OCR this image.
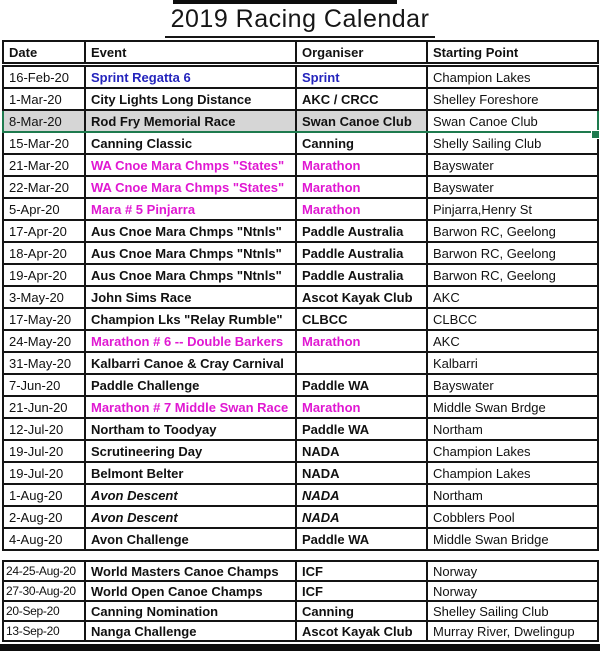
2019 Racing Calendar
Date	Event	Organiser	Starting Point
16-Feb-20	Sprint Regatta 6	Sprint	Champion Lakes
1-Mar-20	City Lights Long Distance	AKC / CRCC	Shelley Foreshore
8-Mar-20	Rod Fry Memorial Race	Swan Canoe Club	Swan Canoe Club
15-Mar-20	Canning Classic	Canning	Shelly Sailing Club
21-Mar-20	WA Cnoe Mara Chmps "States"	Marathon	Bayswater
22-Mar-20	WA Cnoe Mara Chmps "States"	Marathon	Bayswater
5-Apr-20	Mara # 5 Pinjarra	Marathon	Pinjarra,Henry St
17-Apr-20	Aus Cnoe Mara Chmps "Ntnls"	Paddle Australia	Barwon RC, Geelong
18-Apr-20	Aus Cnoe Mara Chmps "Ntnls"	Paddle Australia	Barwon RC, Geelong
19-Apr-20	Aus Cnoe Mara Chmps "Ntnls"	Paddle Australia	Barwon RC, Geelong
3-May-20	John Sims Race	Ascot Kayak Club	AKC
17-May-20	Champion Lks "Relay Rumble"	CLBCC	CLBCC
24-May-20	Marathon # 6 -- Double Barkers	Marathon	AKC
31-May-20	Kalbarri Canoe & Cray Carnival		Kalbarri
7-Jun-20	Paddle Challenge	Paddle WA	Bayswater
21-Jun-20	Marathon # 7 Middle Swan Race	Marathon	Middle Swan Brdge
12-Jul-20	Northam to Toodyay	Paddle WA	Northam
19-Jul-20	Scrutineering Day	NADA	Champion Lakes
19-Jul-20	Belmont Belter	NADA	Champion Lakes
1-Aug-20	Avon Descent	NADA	Northam
2-Aug-20	Avon Descent	NADA	Cobblers Pool
4-Aug-20	Avon Challenge	Paddle WA	Middle Swan Bridge
24-25-Aug-20	World Masters Canoe Champs	ICF	Norway
27-30-Aug-20	World Open Canoe Champs	ICF	Norway
20-Sep-20	Canning Nomination	Canning	Shelley Sailing Club
13-Sep-20	Nanga Challenge	Ascot Kayak Club	Murray River, Dwelingup
